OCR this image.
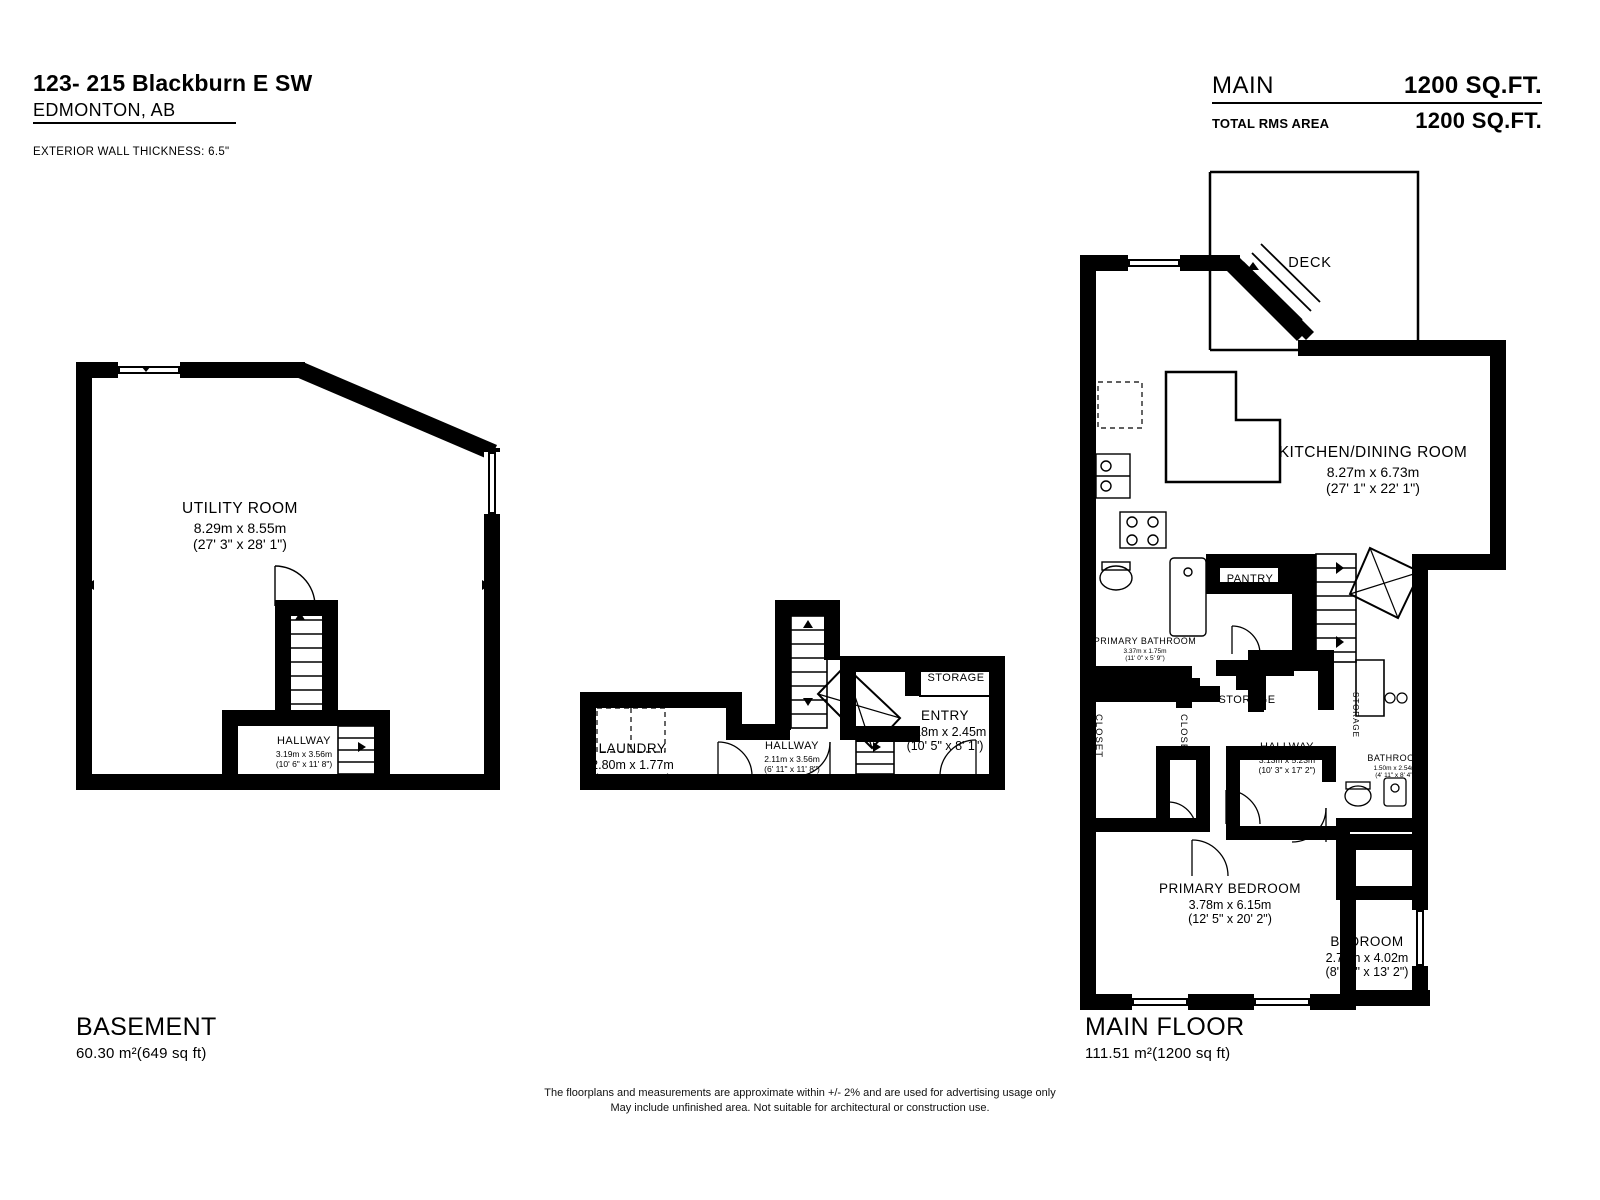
123- 215 Blackburn E SW
EDMONTON, AB
EXTERIOR WALL THICKNESS: 6.5"
MAIN	1200 SQ.FT.
TOTAL RMS AREA	1200 SQ.FT.
UTILITY ROOM
8.29m x 8.55m
(27' 3" x 28' 1")
HALLWAY
3.19m x 3.56m
(10' 6" x 11' 8")
LAUNDRY
2.80m x 1.77m
(9' 2" x 5' 10")
HALLWAY
2.11m x 3.56m
(6' 11" x 11' 8")
ENTRY
3.18m x 2.45m
(10' 5" x 8' 1")
STORAGE
DECK
KITCHEN/DINING ROOM
8.27m x 6.73m
(27' 1" x 22' 1")
PRIMARY BATHROOM
3.37m x 1.75m
(11' 0" x 5' 9")
PANTRY
STORAGE
CLOSET	CLOSET	STORAGE
CLOSET
HALLWAY
3.13m x 5.23m
(10' 3" x 17' 2")
BATHROOM
1.50m x 2.54m
(4' 11" x 8' 4")
PRIMARY BEDROOM
3.78m x 6.15m
(12' 5" x 20' 2")
BEDROOM
2.72m x 4.02m
(8' 11" x 13' 2")
BASEMENT
60.30 m²(649 sq ft)
MAIN FLOOR
111.51 m²(1200 sq ft)
The floorplans and measurements are approximate within +/- 2% and are used for advertising usage only
May include unfinished area. Not suitable for architectural or construction use.
